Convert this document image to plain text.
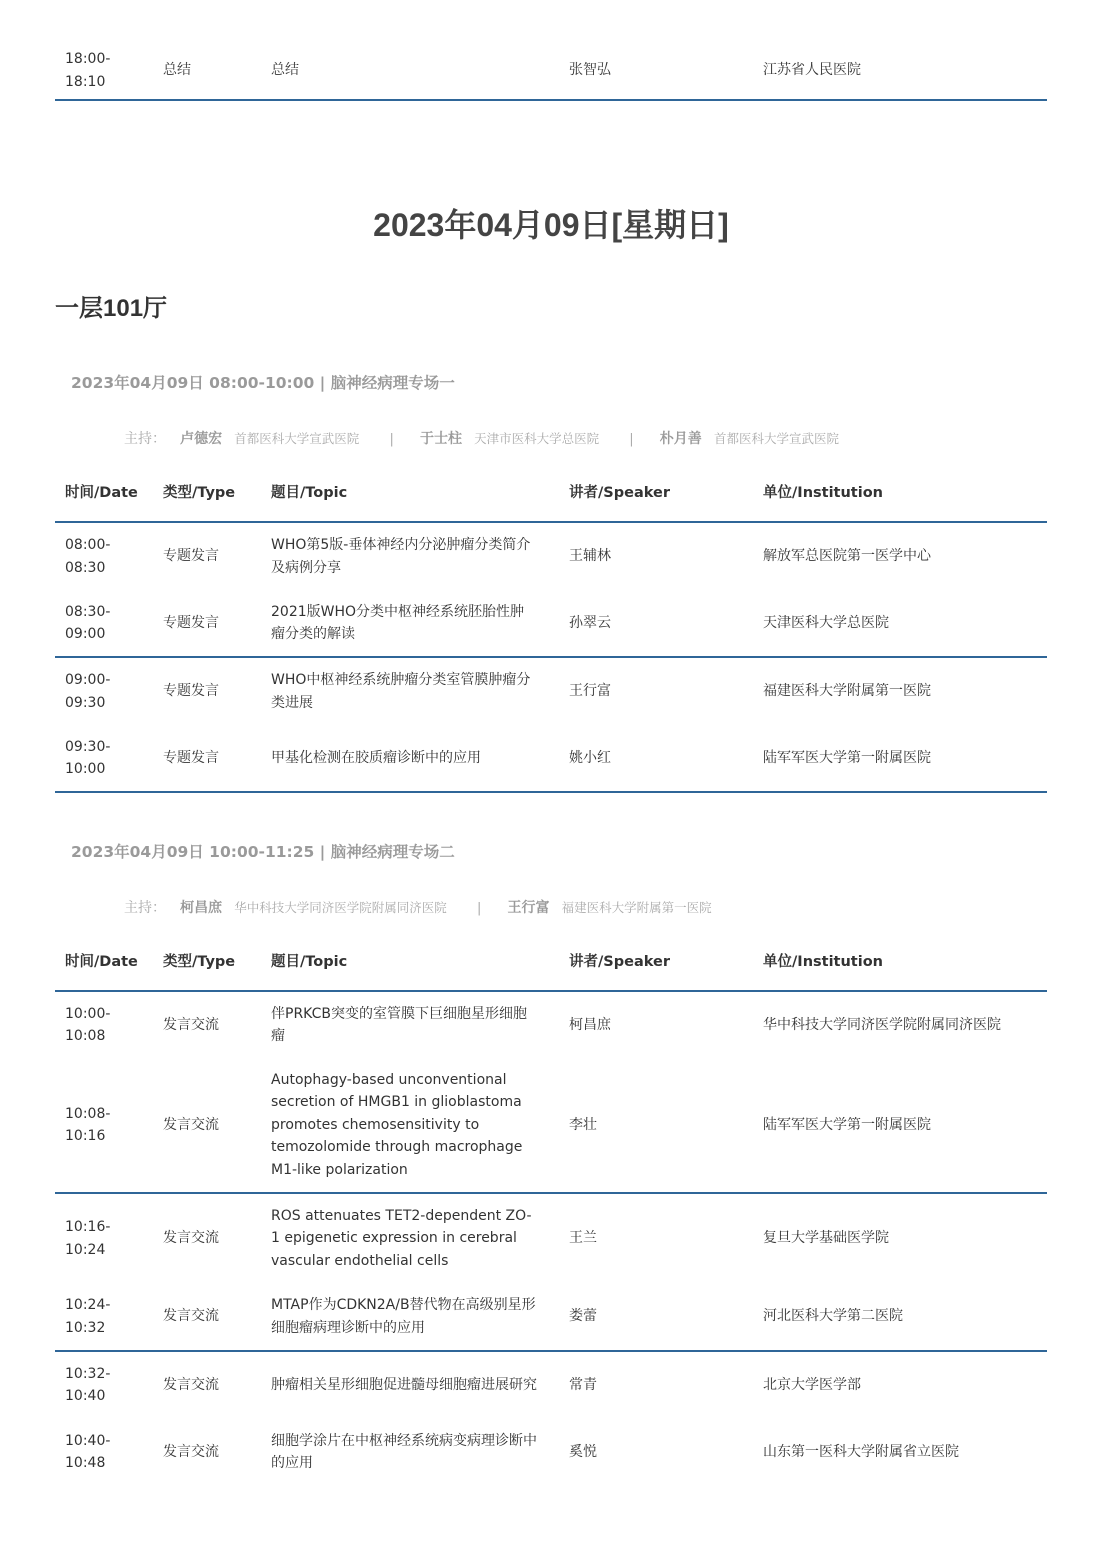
18:00-
18:10	总结	总结	张智弘	江苏省人民医院
2023年04月09日[星期日]
一层101厅
2023年04月09日 08:00-10:00 | 脑神经病理专场一
主持： 卢德宏 首都医科大学宣武医院 | 于士柱 天津市医科大学总医院 | 朴月善 首都医科大学宣武医院
时间/Date	类型/Type	题目/Topic	讲者/Speaker	单位/Institution
08:00-
08:30	专题发言	WHO第5版-垂体神经内分泌肿瘤分类简介及病例分享	王辅林	解放军总医院第一医学中心
08:30-
09:00	专题发言	2021版WHO分类中枢神经系统胚胎性肿瘤分类的解读	孙翠云	天津医科大学总医院
09:00-
09:30	专题发言	WHO中枢神经系统肿瘤分类室管膜肿瘤分类进展	王行富	福建医科大学附属第一医院
09:30-
10:00	专题发言	甲基化检测在胶质瘤诊断中的应用	姚小红	陆军军医大学第一附属医院
2023年04月09日 10:00-11:25 | 脑神经病理专场二
主持： 柯昌庶 华中科技大学同济医学院附属同济医院 | 王行富 福建医科大学附属第一医院
时间/Date	类型/Type	题目/Topic	讲者/Speaker	单位/Institution
10:00-
10:08	发言交流	伴PRKCB突变的室管膜下巨细胞星形细胞瘤	柯昌庶	华中科技大学同济医学院附属同济医院
10:08-
10:16	发言交流	Autophagy-based unconventional secretion of HMGB1 in glioblastoma promotes chemosensitivity to temozolomide through macrophage M1-like polarization	李壮	陆军军医大学第一附属医院
10:16-
10:24	发言交流	ROS attenuates TET2-dependent ZO-1 epigenetic expression in cerebral vascular endothelial cells	王兰	复旦大学基础医学院
10:24-
10:32	发言交流	MTAP作为CDKN2A/B替代物在高级别星形细胞瘤病理诊断中的应用	娄蕾	河北医科大学第二医院
10:32-
10:40	发言交流	肿瘤相关星形细胞促进髓母细胞瘤进展研究	常青	北京大学医学部
10:40-
10:48	发言交流	细胞学涂片在中枢神经系统病变病理诊断中的应用	奚悦	山东第一医科大学附属省立医院
